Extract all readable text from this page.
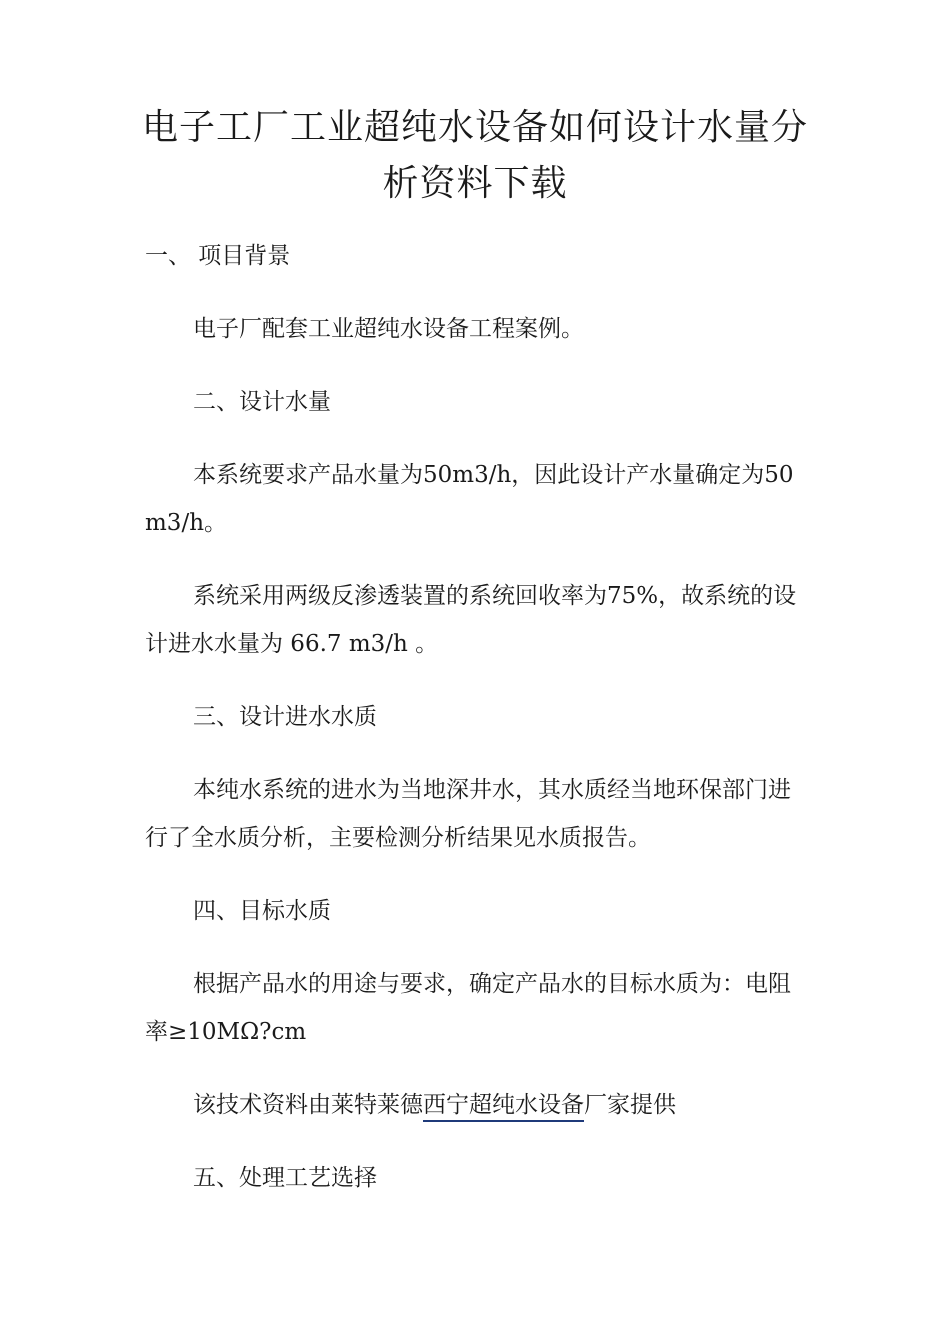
电子工厂工业超纯水设备如何设计水量分
析资料下载

一、 项目背景

电子厂配套工业超纯水设备工程案例。

二、设计水量

本系统要求产品水量为50m3/h，因此设计产水量确定为50

m3/h。

系统采用两级反渗透装置的系统回收率为75%，故系统的设

计进水水量为 66.7 m3/h 。

三、设计进水水质

本纯水系统的进水为当地深井水，其水质经当地环保部门进

行了全水质分析，主要检测分析结果见水质报告。

四、目标水质

根据产品水的用途与要求，确定产品水的目标水质为：电阻

率≥10MΩ?cm

该技术资料由莱特莱德西宁超纯水设备厂家提供

五、处理工艺选择
